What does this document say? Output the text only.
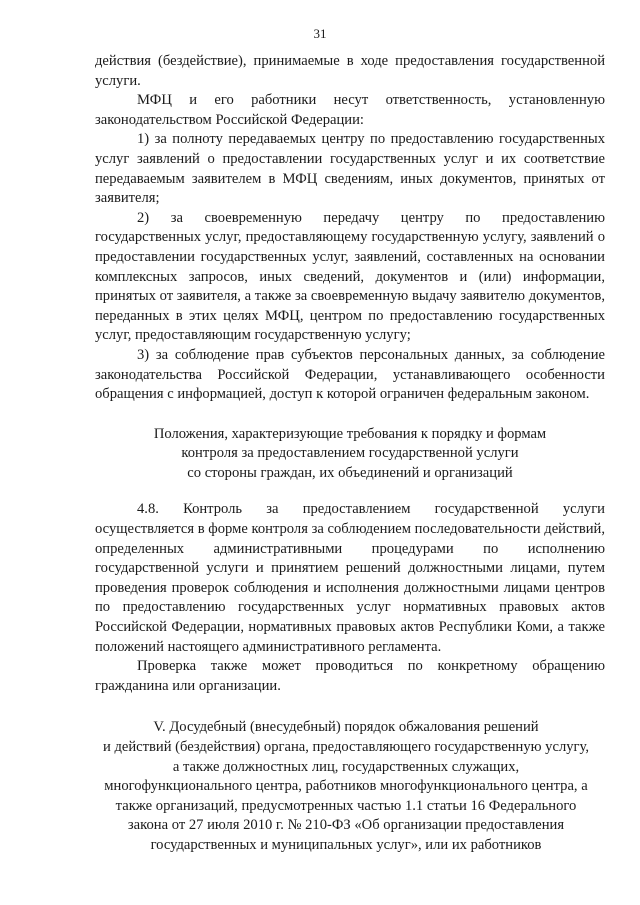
31

действия (бездействие), принимаемые в ходе предоставления государственной услуги.

МФЦ и его работники несут ответственность, установленную законодательством Российской Федерации:

1) за полноту передаваемых центру по предоставлению государственных услуг заявлений о предоставлении государственных услуг и их соответствие передаваемым заявителем в МФЦ сведениям, иных документов, принятых от заявителя;

2) за своевременную передачу центру по предоставлению государственных услуг, предоставляющему государственную услугу, заявлений о предоставлении государственных услуг, заявлений, составленных на основании комплексных запросов, иных сведений, документов и (или) информации, принятых от заявителя, а также за своевременную выдачу заявителю документов, переданных в этих целях МФЦ, центром по предоставлению государственных услуг, предоставляющим государственную услугу;

3) за соблюдение прав субъектов персональных данных, за соблюдение законодательства Российской Федерации, устанавливающего особенности обращения с информацией, доступ к которой ограничен федеральным законом.

Положения, характеризующие требования к порядку и формам

контроля за предоставлением государственной услуги

со стороны граждан, их объединений и организаций

4.8. Контроль за предоставлением государственной услуги осуществляется в форме контроля за соблюдением последовательности действий, определенных административными процедурами по исполнению государственной услуги и принятием решений должностными лицами, путем проведения проверок соблюдения и исполнения должностными лицами центров по предоставлению государственных услуг нормативных правовых актов Российской Федерации, нормативных правовых актов Республики Коми, а также положений настоящего административного регламента.

Проверка также может проводиться по конкретному обращению гражданина или организации.

V. Досудебный (внесудебный) порядок обжалования решений

и действий (бездействия) органа, предоставляющего государственную услугу,

а также должностных лиц, государственных служащих,

многофункционального центра, работников многофункционального центра, а

также организаций, предусмотренных частью 1.1 статьи 16 Федерального

закона от 27 июля 2010 г. № 210-ФЗ «Об организации предоставления

государственных и муниципальных услуг», или их работников
